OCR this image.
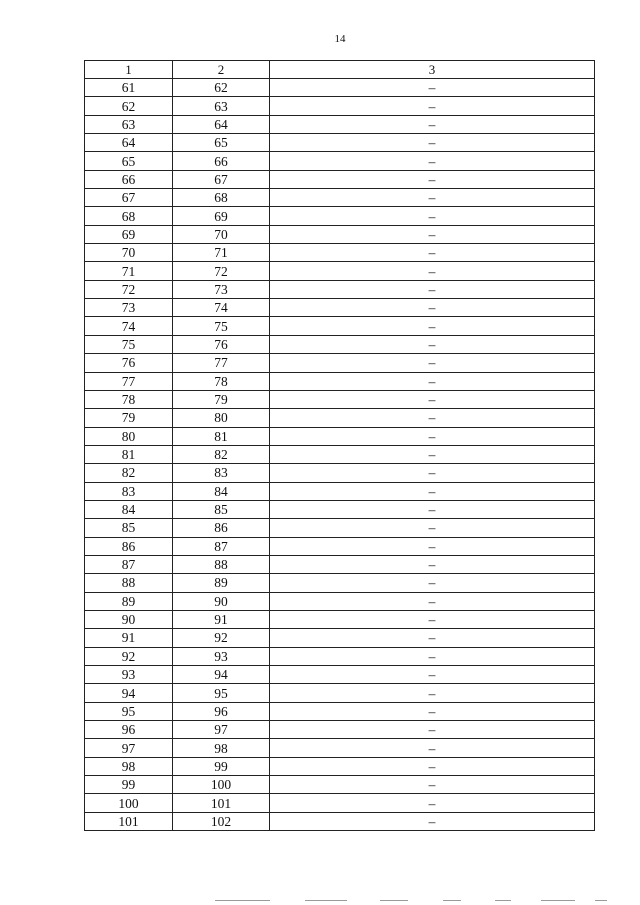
14
1	2	3
61	62	–
62	63	–
63	64	–
64	65	–
65	66	–
66	67	–
67	68	–
68	69	–
69	70	–
70	71	–
71	72	–
72	73	–
73	74	–
74	75	–
75	76	–
76	77	–
77	78	–
78	79	–
79	80	–
80	81	–
81	82	–
82	83	–
83	84	–
84	85	–
85	86	–
86	87	–
87	88	–
88	89	–
89	90	–
90	91	–
91	92	–
92	93	–
93	94	–
94	95	–
95	96	–
96	97	–
97	98	–
98	99	–
99	100	–
100	101	–
101	102	–
